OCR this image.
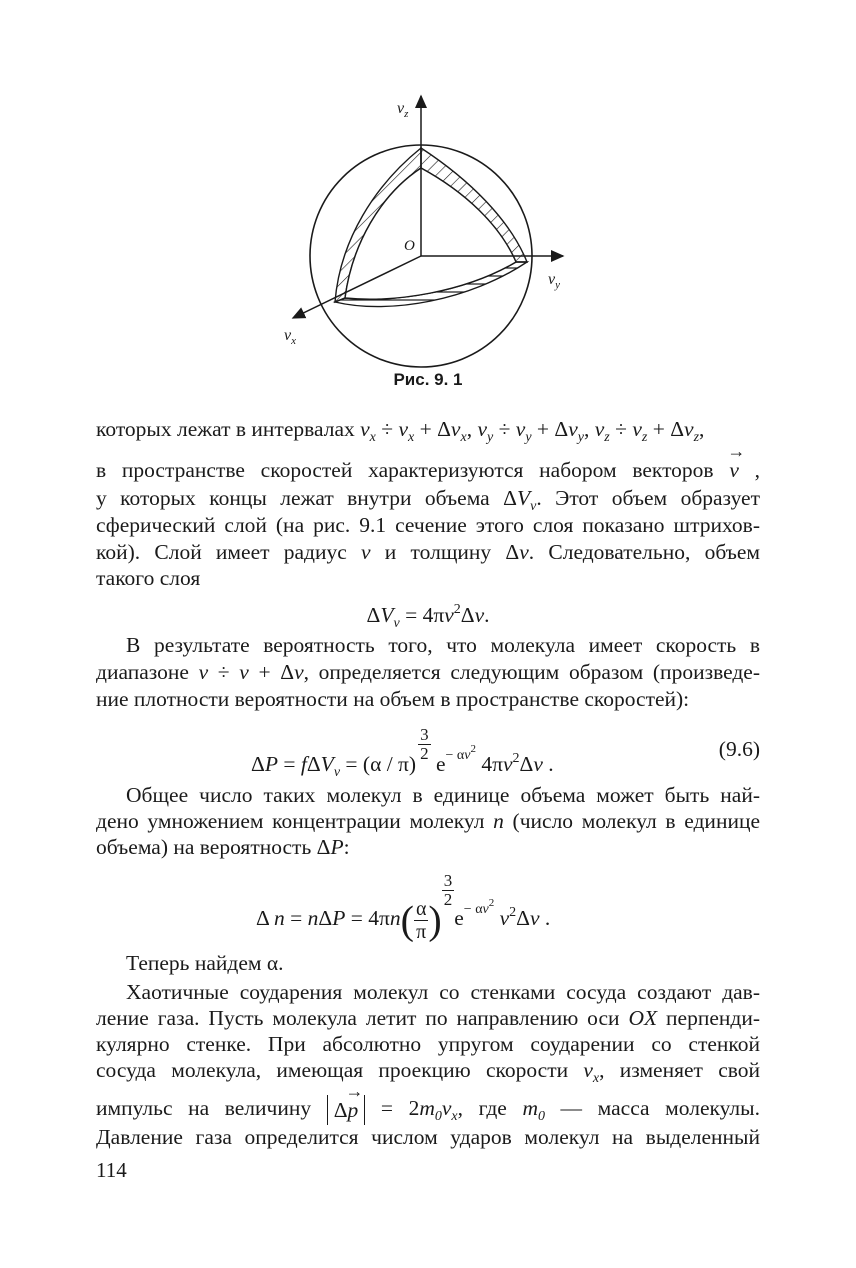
$v_z$
$v_y$
$v_x$
O
Рис. 9. 1
которых лежат в интервалах $v_x \div v_x + \Delta v_x$, $v_y \div v_y + \Delta v_y$, $v_z \div v_z + \Delta v_z$,
в пространстве скоростей характеризуются набором векторов → v ,
у которых концы лежат внутри объема $\Delta V_v$. Этот объем образует
сферический слой (на рис. 9.1 сечение этого слоя показано штрихов-
кой). Слой имеет радиус v и толщину Δv. Следовательно, объем
такого слоя
$\Delta V_v = 4\pi v^2\Delta v$.
В результате вероятность того, что молекула имеет скорость в
диапазоне v ÷ v + Δv, определяется следующим образом (произведе-
ние плотности вероятности на объем в пространстве скоростей):
ΔP = fΔV$_v$ = (α / π)
$\frac{3}{2}$
$e^{- \alpha v^2}$ $4\pi v^2\Delta v$ .
(9.6)
Общее число таких молекул в единице объема может быть най-
дено умножением концентрации молекул n (число молекул в единице
объема) на вероятность ΔP:
Δ $n = n\Delta P = 4\pi n( \frac{\alpha}{\pi}$ )
$\frac{3}{2}$
$e^{- \alpha v^2}$ $v^2\Delta v$ .
Теперь найдем α.
Хаотичные соударения молекул со стенками сосуда создают дав-
ление газа. Пусть молекула летит по направлению оси OX перпенди-
кулярно стенке. При абсолютно упругом соударении со стенкой
сосуда молекула, имеющая проекцию скорости $v_x$, изменяет свой
импульс на величину $\Delta\to p = 2m_0v_x$, где $m_0$ — масса молекулы.
Давление газа определится числом ударов молекул на выделенный
114
